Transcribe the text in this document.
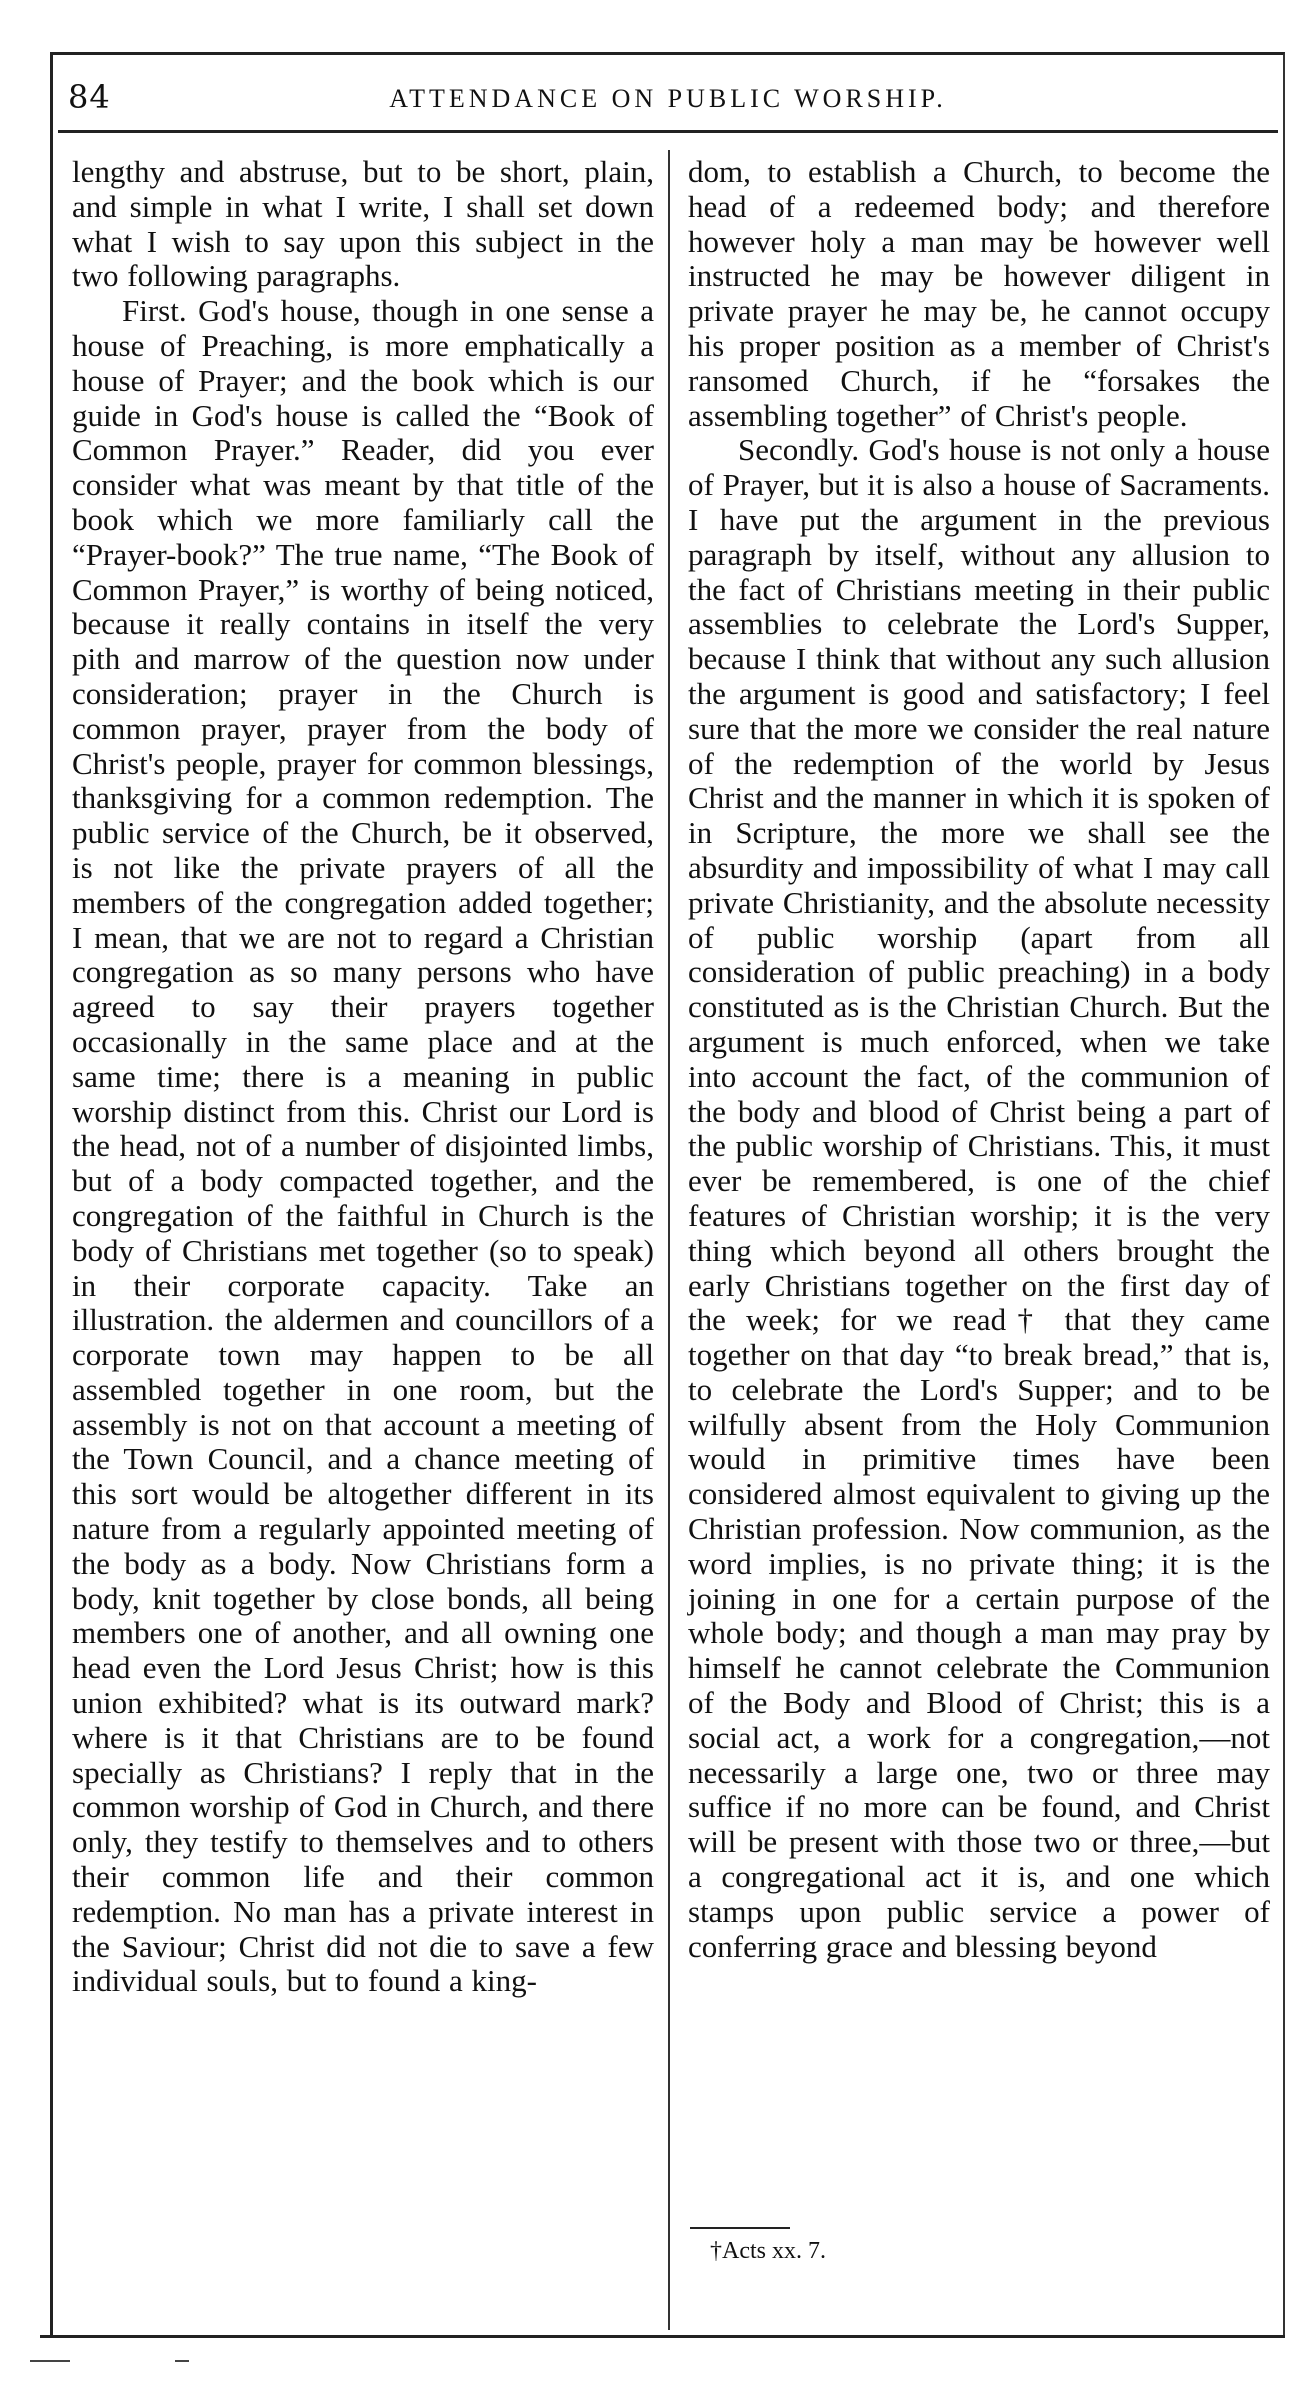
84	ATTENDANCE ON PUBLIC WORSHIP.

lengthy and abstruse, but to be short, plain, and simple in what I write, I shall set down what I wish to say upon this subject in the two following paragraphs.

First. God's house, though in one sense a house of Preaching, is more emphatically a house of Prayer; and the book which is our guide in God's house is called the “Book of Common Prayer.” Reader, did you ever consider what was meant by that title of the book which we more familiarly call the “Prayer-book?” The true name, “The Book of Common Prayer,” is worthy of being noticed, because it really contains in itself the very pith and marrow of the question now under consideration; prayer in the Church is common prayer, prayer from the body of Christ's people, prayer for common blessings, thanksgiving for a common redemption. The public service of the Church, be it observed, is not like the private prayers of all the members of the congregation added together; I mean, that we are not to regard a Christian congregation as so many persons who have agreed to say their prayers together occasionally in the same place and at the same time; there is a meaning in public worship distinct from this. Christ our Lord is the head, not of a number of disjointed limbs, but of a body compacted together, and the congregation of the faithful in Church is the body of Christians met together (so to speak) in their corporate capacity. Take an illustration. the aldermen and councillors of a corporate town may happen to be all assembled together in one room, but the assembly is not on that account a meeting of the Town Council, and a chance meeting of this sort would be altogether different in its nature from a regularly appointed meeting of the body as a body. Now Christians form a body, knit together by close bonds, all being members one of another, and all owning one head even the Lord Jesus Christ; how is this union exhibited? what is its outward mark? where is it that Christians are to be found specially as Christians? I reply that in the common worship of God in Church, and there only, they testify to themselves and to others their common life and their common redemption. No man has a private interest in the Saviour; Christ did not die to save a few individual souls, but to found a king-

dom, to establish a Church, to become the head of a redeemed body; and therefore however holy a man may be however well instructed he may be however diligent in private prayer he may be, he cannot occupy his proper position as a member of Christ's ransomed Church, if he “forsakes the assembling together” of Christ's people.

Secondly. God's house is not only a house of Prayer, but it is also a house of Sacraments. I have put the argument in the previous paragraph by itself, without any allusion to the fact of Christians meeting in their public assemblies to celebrate the Lord's Supper, because I think that without any such allusion the argument is good and satisfactory; I feel sure that the more we consider the real nature of the redemption of the world by Jesus Christ and the manner in which it is spoken of in Scripture, the more we shall see the absurdity and impossibility of what I may call private Christianity, and the absolute necessity of public worship (apart from all consideration of public preaching) in a body constituted as is the Christian Church. But the argument is much enforced, when we take into account the fact, of the communion of the body and blood of Christ being a part of the public worship of Christians. This, it must ever be remembered, is one of the chief features of Christian worship; it is the very thing which beyond all others brought the early Christians together on the first day of the week; for we read† that they came together on that day “to break bread,” that is, to celebrate the Lord's Supper; and to be wilfully absent from the Holy Communion would in primitive times have been considered almost equivalent to giving up the Christian profession. Now communion, as the word implies, is no private thing; it is the joining in one for a certain purpose of the whole body; and though a man may pray by himself he cannot celebrate the Communion of the Body and Blood of Christ; this is a social act, a work for a congregation,—not necessarily a large one, two or three may suffice if no more can be found, and Christ will be present with those two or three,—but a congregational act it is, and one which stamps upon public service a power of conferring grace and blessing beyond

†Acts xx. 7.
